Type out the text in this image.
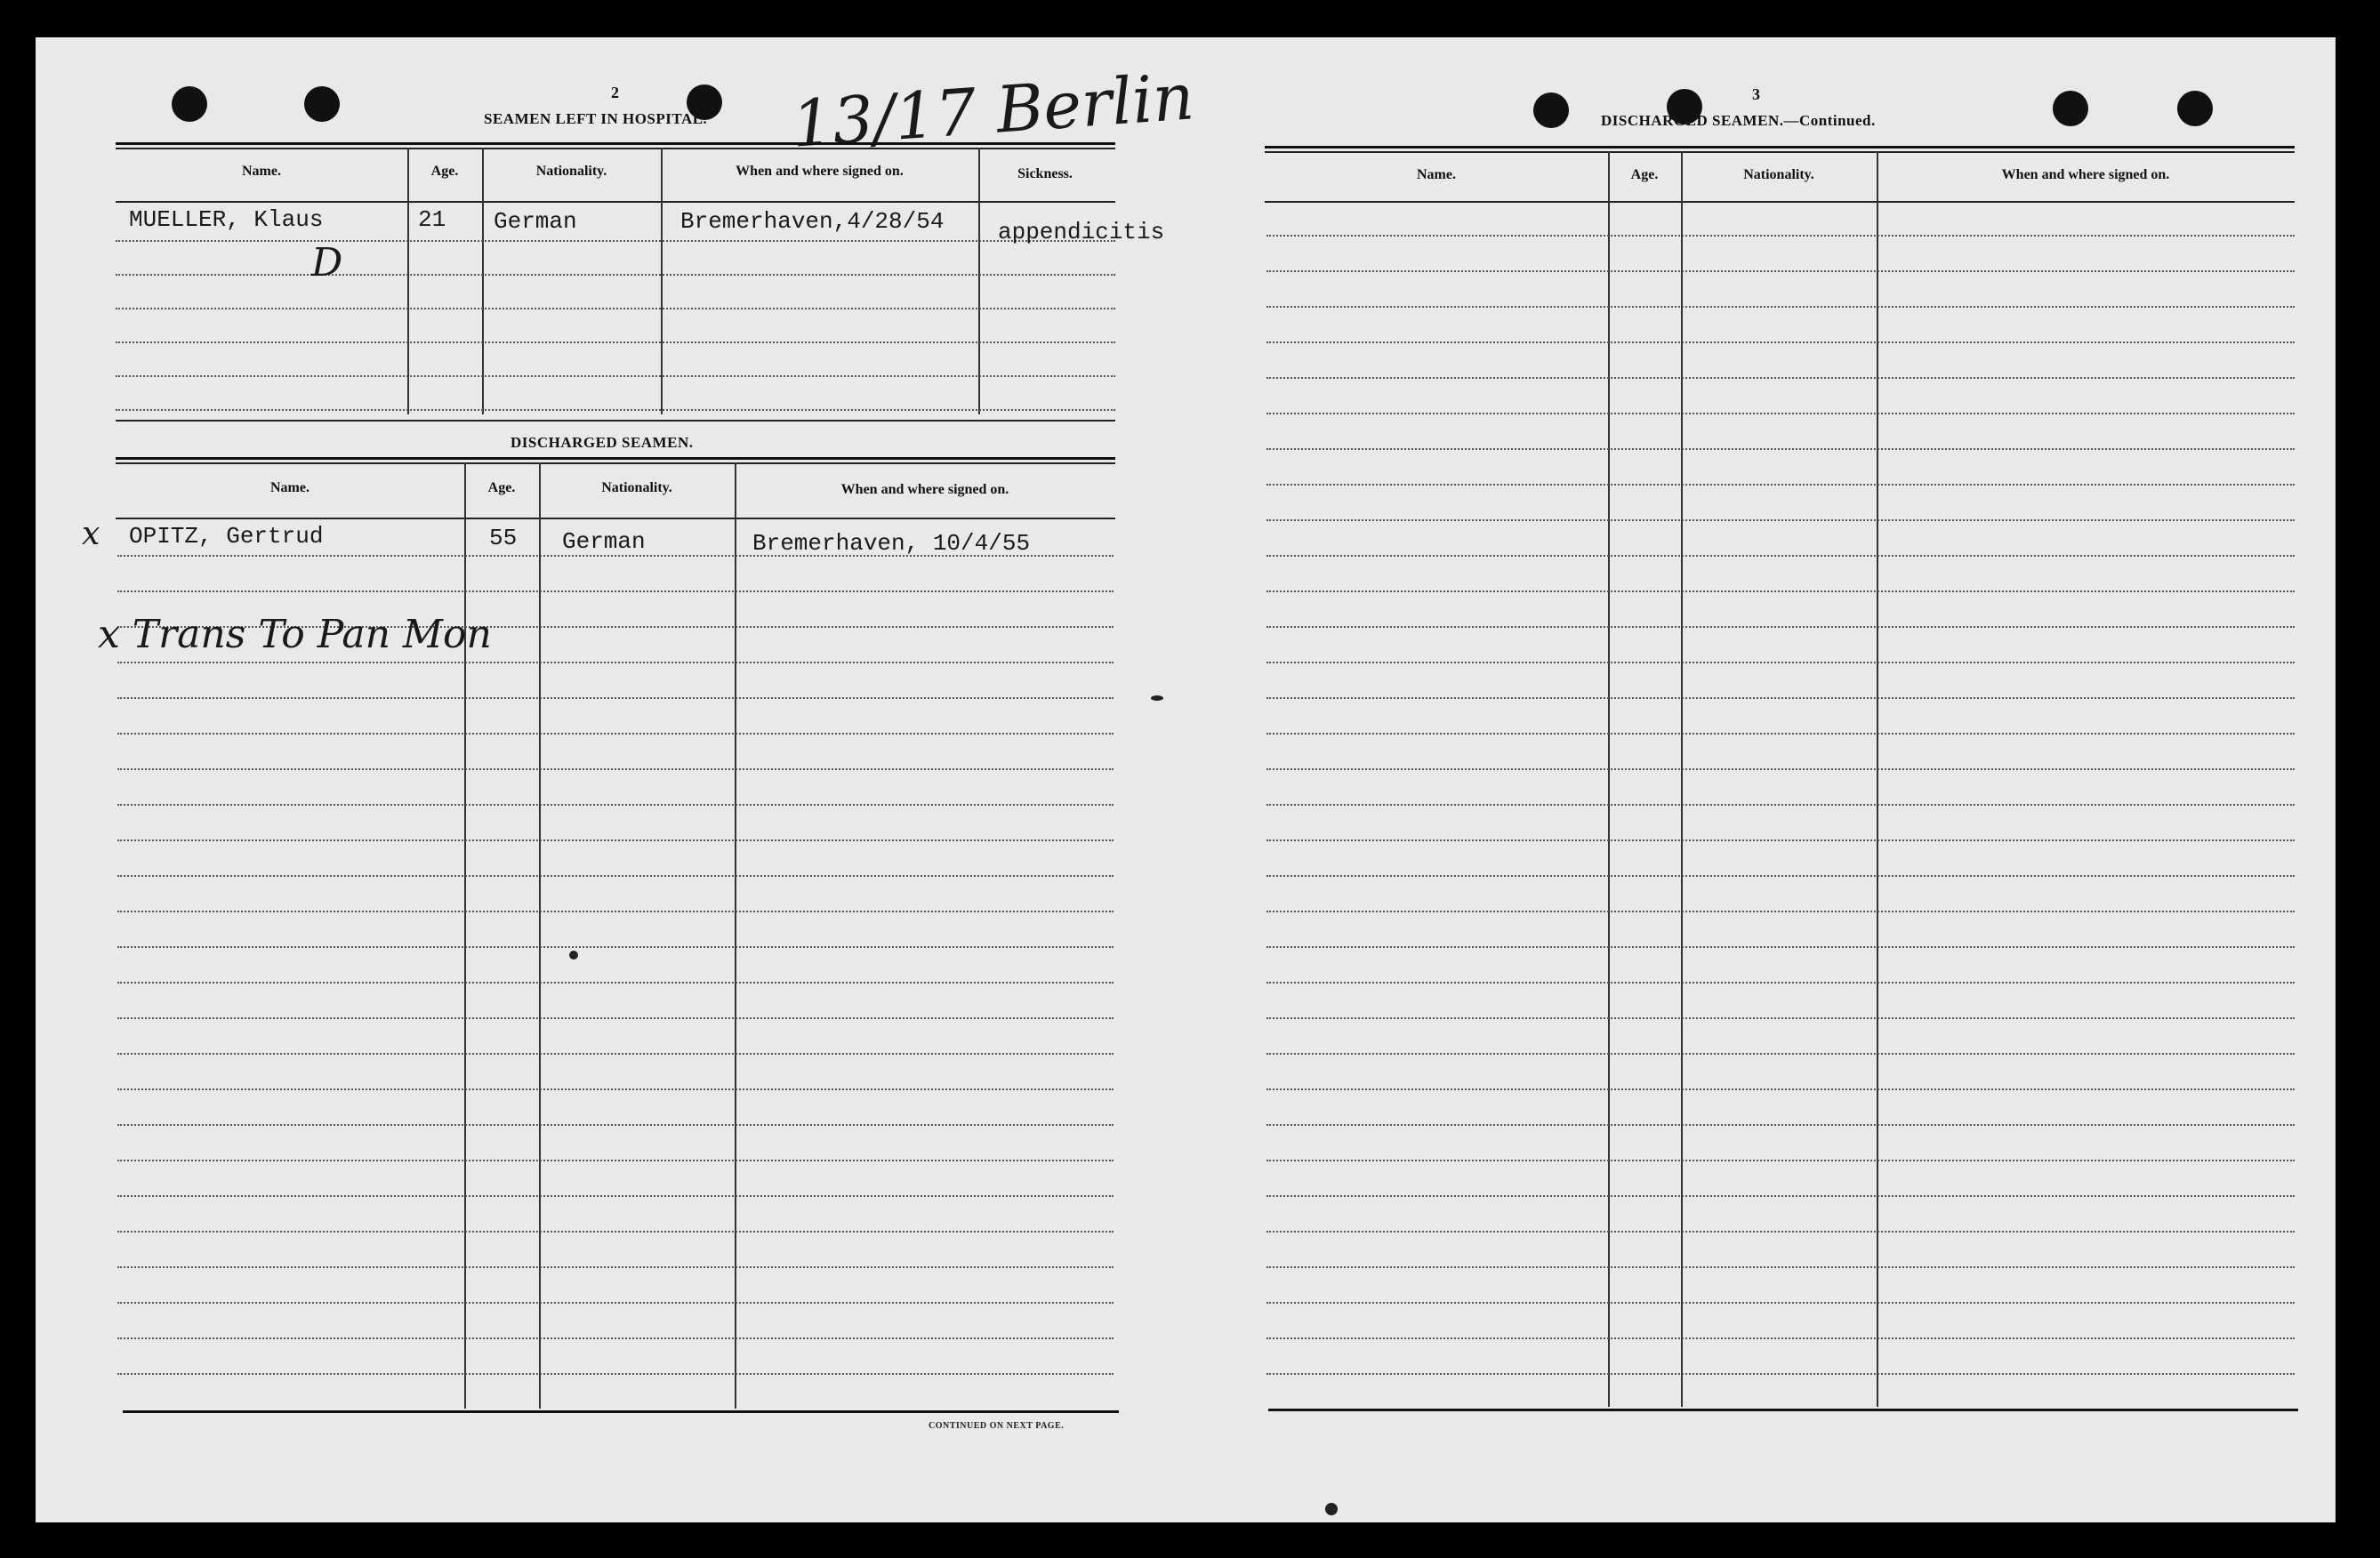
2
SEAMEN LEFT IN HOSPITAL. 13/17 Berlin
Name.	Age.	Nationality.	When and where signed on.	Sickness.
MUELLER, Klaus	21 German	Bremerhaven,4/28/54 appendicitis
D
DISCHARGED SEAMEN.
Name.	Age.	Nationality.	When and where signed on.
x OPITZ, Gertrud	55 German	Bremerhaven, 10/4/55
x Trans To Pan Mon
CONTINUED ON NEXT PAGE.
3
DISCHARGED SEAMEN.—Continued.
Name.	Age.	Nationality.	When and where signed on.
